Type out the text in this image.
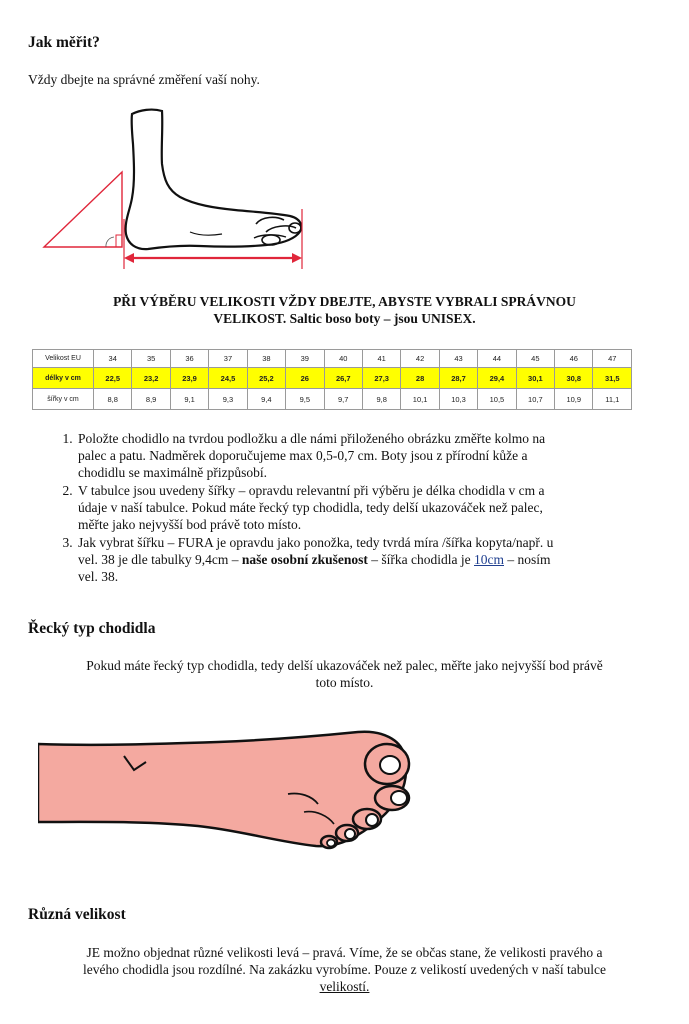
Jak měřit?
Vždy dbejte na správné změření vaší nohy.
PŘI VÝBĚRU VELIKOSTI VŽDY DBEJTE, ABYSTE VYBRALI SPRÁVNOU
VELIKOST. Saltic boso boty – jsou UNISEX.
Velikost EU	34	35	36	37	38	39	40	41	42	43	44	45	46	47
délky v cm	22,5	23,2	23,9	24,5	25,2	26	26,7	27,3	28	28,7	29,4	30,1	30,8	31,5
šířky v cm	8,8	8,9	9,1	9,3	9,4	9,5	9,7	9,8	10,1	10,3	10,5	10,7	10,9	11,1
1. Položte chodidlo na tvrdou podložku a dle námi přiloženého obrázku změřte kolmo na
palec a patu. Nadměrek doporučujeme max 0,5-0,7 cm. Boty jsou z přírodní kůže a
chodidlu se maximálně přizpůsobí.
2. V tabulce jsou uvedeny šířky – opravdu relevantní při výběru je délka chodidla v cm a
údaje v naší tabulce. Pokud máte řecký typ chodidla, tedy delší ukazováček než palec,
měřte jako nejvyšší bod právě toto místo.
3. Jak vybrat šířku – FURA je opravdu jako ponožka, tedy tvrdá míra /šířka kopyta/např. u
vel. 38 je dle tabulky 9,4cm – naše osobní zkušenost – šířka chodidla je 10cm – nosím
vel. 38.
Řecký typ chodidla
Pokud máte řecký typ chodidla, tedy delší ukazováček než palec, měřte jako nejvyšší bod právě
toto místo.
Různá velikost
JE možno objednat různé velikosti levá – pravá. Víme, že se občas stane, že velikosti pravého a
levého chodidla jsou rozdílné. Na zakázku vyrobíme. Pouze z velikostí uvedených v naší tabulce
velikostí.
